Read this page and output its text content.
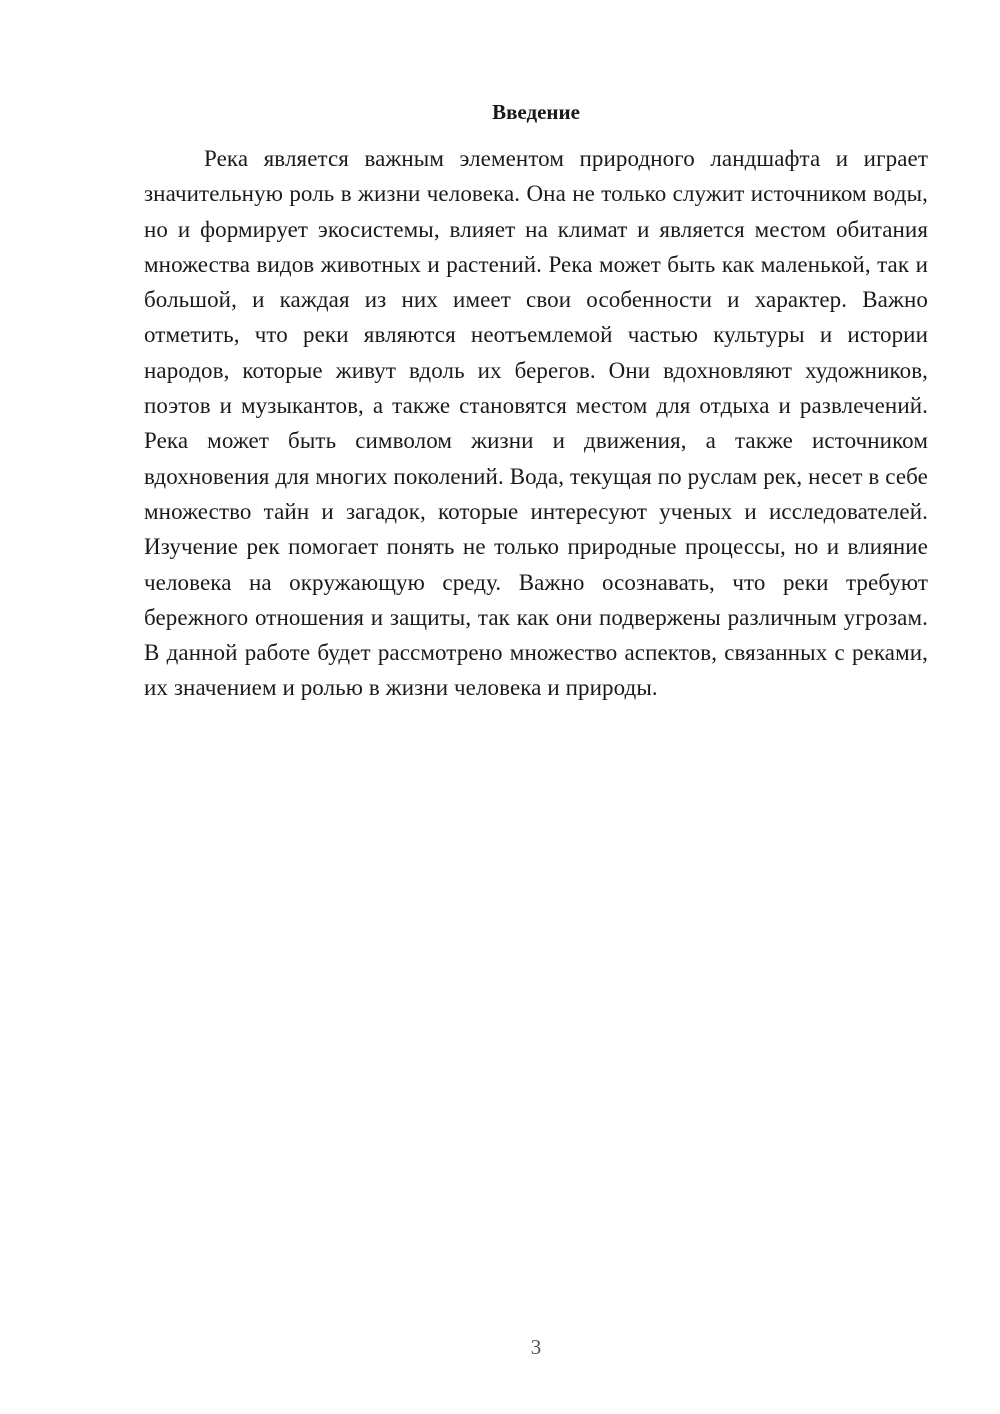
Введение

Река является важным элементом природного ландшафта и играет значительную роль в жизни человека. Она не только служит источником воды, но и формирует экосистемы, влияет на климат и является местом обитания множества видов животных и растений. Река может быть как маленькой, так и большой, и каждая из них имеет свои особенности и характер. Важно отметить, что реки являются неотъемлемой частью культуры и истории народов, которые живут вдоль их берегов. Они вдохновляют художников, поэтов и музыкантов, а также становятся местом для отдыха и развлечений. Река может быть символом жизни и движения, а также источником вдохновения для многих поколений. Вода, текущая по руслам рек, несет в себе множество тайн и загадок, которые интересуют ученых и исследователей. Изучение рек помогает понять не только природные процессы, но и влияние человека на окружающую среду. Важно осознавать, что реки требуют бережного отношения и защиты, так как они подвержены различным угрозам. В данной работе будет рассмотрено множество аспектов, связанных с реками, их значением и ролью в жизни человека и природы.

3
